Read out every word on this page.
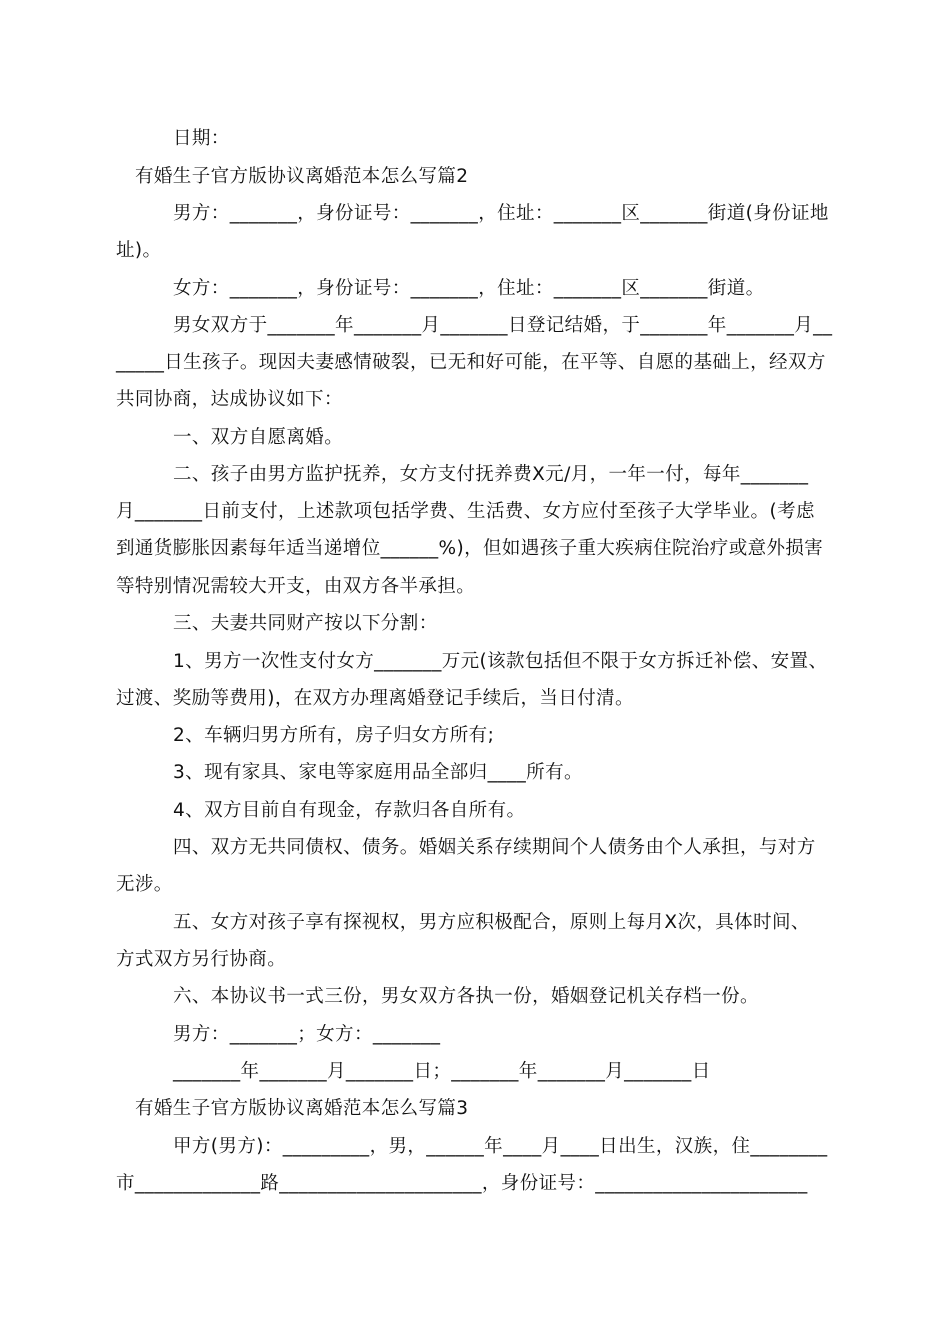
日期：
有婚生子官方版协议离婚范本怎么写篇2
男方：_______，身份证号：_______，住址：_______区_______街道(身份证地
址)。
女方：_______，身份证号：_______，住址：_______区_______街道。
男女双方于_______年_______月_______日登记结婚，于_______年_______月__
_____日生孩子。现因夫妻感情破裂，已无和好可能，在平等、自愿的基础上，经双方
共同协商，达成协议如下：
一、双方自愿离婚。
二、孩子由男方监护抚养，女方支付抚养费X元/月，一年一付，每年_______
月_______日前支付，上述款项包括学费、生活费、女方应付至孩子大学毕业。(考虑
到通货膨胀因素每年适当递增位______%)，但如遇孩子重大疾病住院治疗或意外损害
等特别情况需较大开支，由双方各半承担。
三、夫妻共同财产按以下分割：
1、男方一次性支付女方_______万元(该款包括但不限于女方拆迁补偿、安置、
过渡、奖励等费用)，在双方办理离婚登记手续后，当日付清。
2、车辆归男方所有，房子归女方所有;
3、现有家具、家电等家庭用品全部归____所有。
4、双方目前自有现金，存款归各自所有。
四、双方无共同债权、债务。婚姻关系存续期间个人债务由个人承担，与对方
无涉。
五、女方对孩子享有探视权，男方应积极配合，原则上每月X次，具体时间、
方式双方另行协商。
六、本协议书一式三份，男女双方各执一份，婚姻登记机关存档一份。
男方：_______；女方：_______
_______年_______月_______日；_______年_______月_______日
有婚生子官方版协议离婚范本怎么写篇3
甲方(男方)：_________，男，______年____月____日出生，汉族，住________
市_____________路_____________________，身份证号：______________________
